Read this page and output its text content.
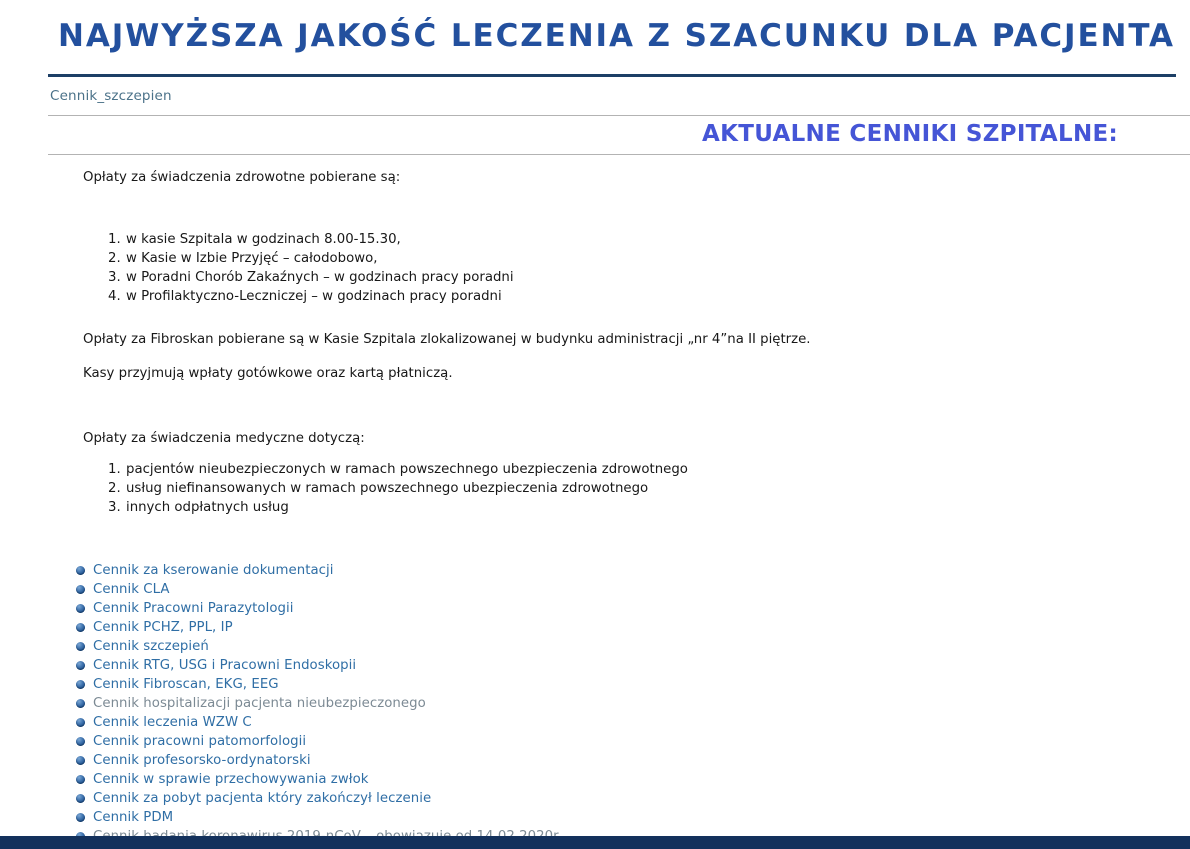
NAJWYŻSZA JAKOŚĆ LECZENIA Z SZACUNKU DLA PACJENTA
Cennik_szczepien
AKTUALNE CENNIKI SZPITALNE:

Opłaty za świadczenia zdrowotne pobierane są:

w kasie Szpitala w godzinach 8.00-15.30,
w Kasie w Izbie Przyjęć – całodobowo,
w Poradni Chorób Zakaźnych – w godzinach pracy poradni
w Profilaktyczno-Leczniczej – w godzinach pracy poradni

Opłaty za Fibroskan pobierane są w Kasie Szpitala zlokalizowanej w budynku administracji „nr 4”na II piętrze.

Kasy przyjmują wpłaty gotówkowe oraz kartą płatniczą.

Opłaty za świadczenia medyczne dotyczą:

pacjentów nieubezpieczonych w ramach powszechnego ubezpieczenia zdrowotnego
usług niefinansowanych w ramach powszechnego ubezpieczenia zdrowotnego
innych odpłatnych usług
Cennik za kserowanie dokumentacji
Cennik CLA
Cennik Pracowni Parazytologii
Cennik PCHZ, PPL, IP
Cennik szczepień
Cennik RTG, USG i Pracowni Endoskopii
Cennik Fibroscan, EKG, EEG
Cennik hospitalizacji pacjenta nieubezpieczonego
Cennik leczenia WZW C
Cennik pracowni patomorfologii
Cennik profesorsko-ordynatorski
Cennik w sprawie przechowywania zwłok
Cennik za pobyt pacjenta który zakończył leczenie
Cennik PDM
